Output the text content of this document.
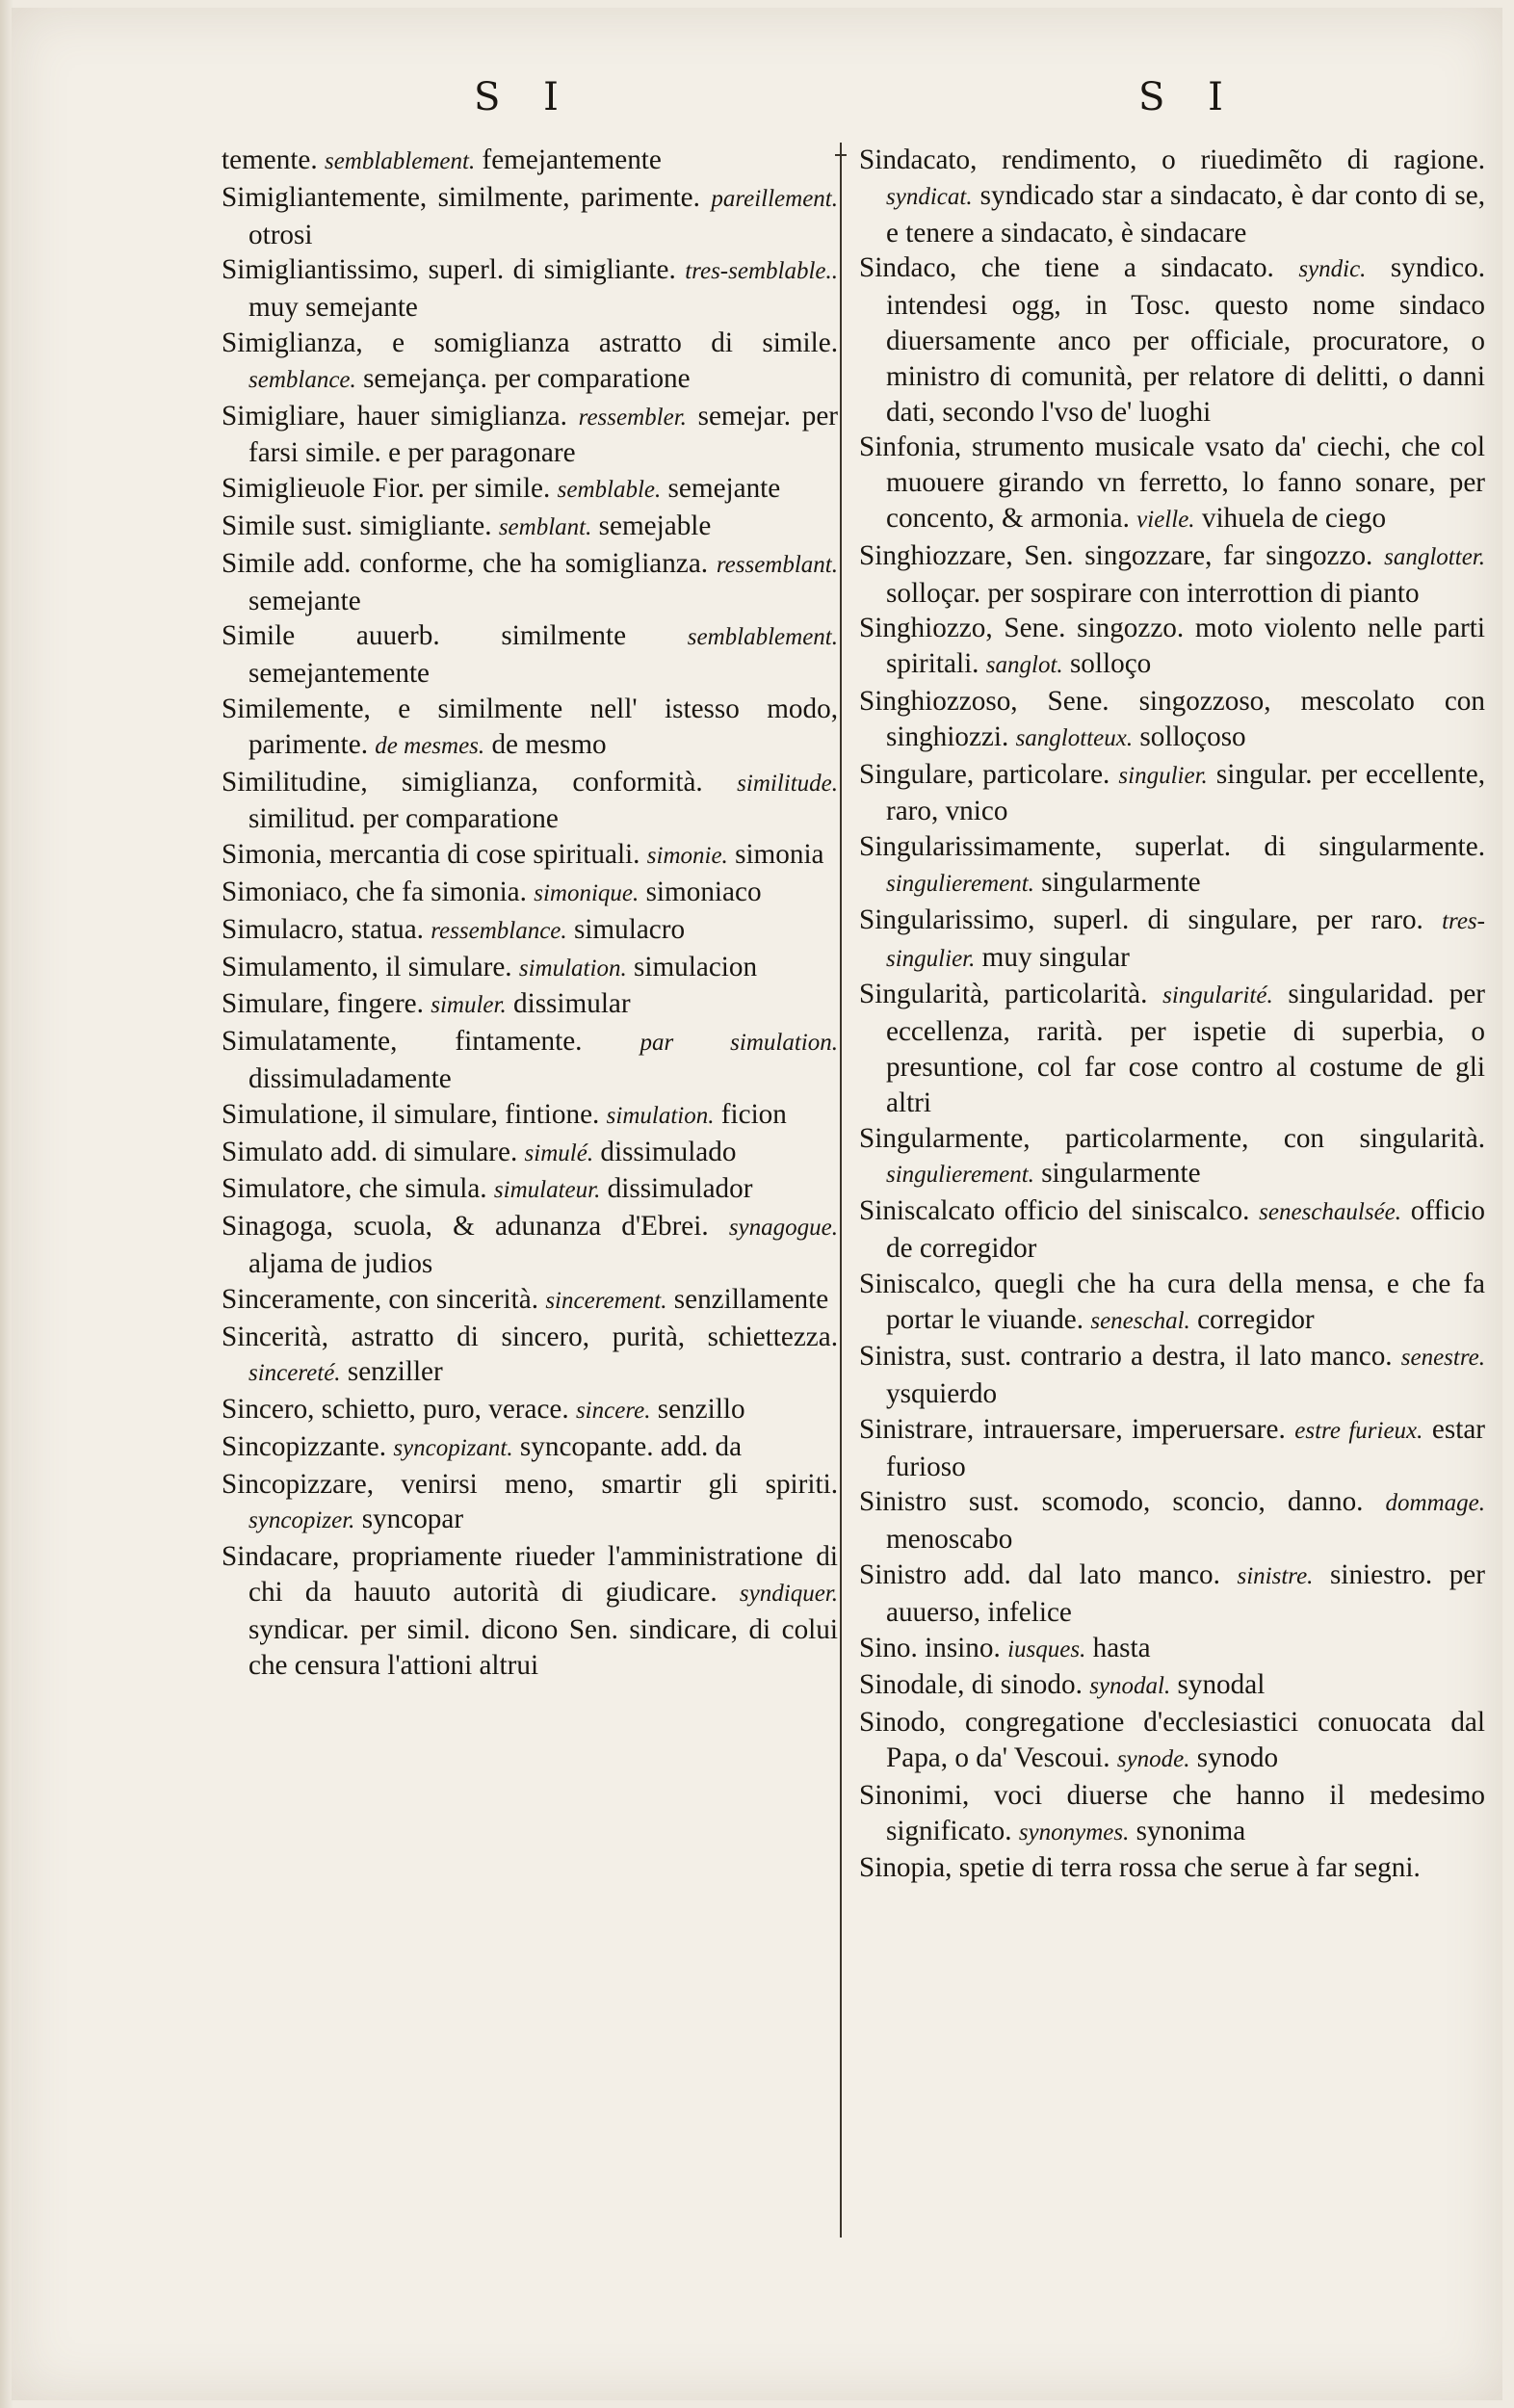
S I	S I

temente. semblablement. femejantemente

Simigliantemente, similmente, parimente. pareillement. otrosi

Simigliantissimo, superl. di simigliante. tres-semblable.. muy semejante

Simiglianza, e somiglianza astratto di simile. semblance. semejança. per comparatione

Simigliare, hauer simiglianza. ressembler. semejar. per farsi simile. e per paragonare

Simiglieuole Fior. per simile. semblable. semejante

Simile sust. simigliante. semblant. semejable

Simile add. conforme, che ha somiglianza. ressemblant. semejante

Simile auuerb. similmente semblablement. semejantemente

Similemente, e similmente nell' istesso modo, parimente. de mesmes. de mesmo

Similitudine, simiglianza, conformità. similitude. similitud. per comparatione

Simonia, mercantia di cose spirituali. simonie. simonia

Simoniaco, che fa simonia. simonique. simoniaco

Simulacro, statua. ressemblance. simulacro

Simulamento, il simulare. simulation. simulacion

Simulare, fingere. simuler. dissimular

Simulatamente, fintamente. par simulation. dissimuladamente

Simulatione, il simulare, fintione. simulation. ficion

Simulato add. di simulare. simulé. dissimulado

Simulatore, che simula. simulateur. dissimulador

Sinagoga, scuola, & adunanza d'Ebrei. synagogue. aljama de judios

Sinceramente, con sincerità. sincerement. senzillamente

Sincerità, astratto di sincero, purità, schiettezza. sincereté. senziller

Sincero, schietto, puro, verace. sincere. senzillo

Sincopizzante. syncopizant. syncopante. add. da

Sincopizzare, venirsi meno, smartir gli spiriti. syncopizer. syncopar

Sindacare, propriamente riueder l'amministratione di chi da hauuto autorità di giudicare. syndiquer. syndicar. per simil. dicono Sen. sindicare, di colui che censura l'attioni altrui

Sindacato, rendimento, o riuedimẽto di ragione. syndicat. syndicado star a sindacato, è dar conto di se, e tenere a sindacato, è sindacare

Sindaco, che tiene a sindacato. syndic. syndico. intendesi ogg, in Tosc. questo nome sindaco diuersamente anco per officiale, procuratore, o ministro di comunità, per relatore di delitti, o danni dati, secondo l'vso de' luoghi

Sinfonia, strumento musicale vsato da' ciechi, che col muouere girando vn ferretto, lo fanno sonare, per concento, & armonia. vielle. vihuela de ciego

Singhiozzare, Sen. singozzare, far singozzo. sanglotter. solloçar. per sospirare con interrottion di pianto

Singhiozzo, Sene. singozzo. moto violento nelle parti spiritali. sanglot. solloço

Singhiozzoso, Sene. singozzoso, mescolato con singhiozzi. sanglotteux. solloçoso

Singulare, particolare. singulier. singular. per eccellente, raro, vnico

Singularissimamente, superlat. di singularmente. singulierement. singularmente

Singularissimo, superl. di singulare, per raro. tres-singulier. muy singular

Singularità, particolarità. singularité. singularidad. per eccellenza, rarità. per ispetie di superbia, o presuntione, col far cose contro al costume de gli altri

Singularmente, particolarmente, con singularità. singulierement. singularmente

Siniscalcato officio del siniscalco. seneschaulsée. officio de corregidor

Siniscalco, quegli che ha cura della mensa, e che fa portar le viuande. seneschal. corregidor

Sinistra, sust. contrario a destra, il lato manco. senestre. ysquierdo

Sinistrare, intrauersare, imperuersare. estre furieux. estar furioso

Sinistro sust. scomodo, sconcio, danno. dommage. menoscabo

Sinistro add. dal lato manco. sinistre. siniestro. per auuerso, infelice

Sino. insino. iusques. hasta

Sinodale, di sinodo. synodal. synodal

Sinodo, congregatione d'ecclesiastici conuocata dal Papa, o da' Vescoui. synode. synodo

Sinonimi, voci diuerse che hanno il medesimo significato. synonymes. synonima

Sinopia, spetie di terra rossa che serue à far segni.
